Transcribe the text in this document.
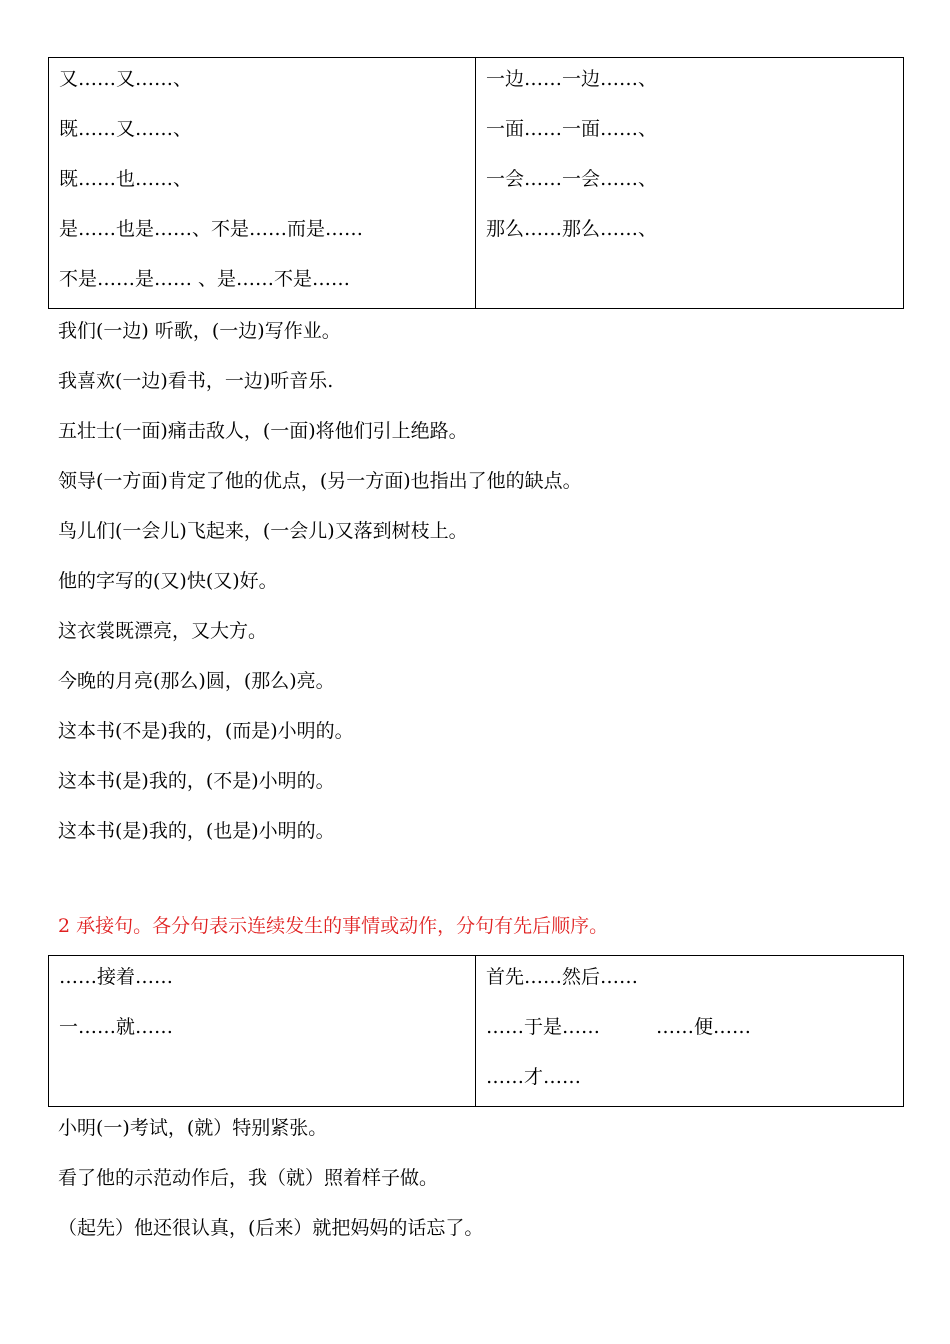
又……又……、
既……又……、
既……也……、
是……也是……、不是……而是……
不是……是…… 、是……不是……

一边……一边……、
一面……一面……、
一会……一会……、
那么……那么……、
我们(一边) 听歌，(一边)写作业。
我喜欢(一边)看书，一边)听音乐.
五壮士(一面)痛击敌人，(一面)将他们引上绝路。
领导(一方面)肯定了他的优点，(另一方面)也指出了他的缺点。
鸟儿们(一会儿)飞起来，(一会儿)又落到树枝上。
他的字写的(又)快(又)好。
这衣裳既漂亮，又大方。
今晚的月亮(那么)圆，(那么)亮。
这本书(不是)我的，(而是)小明的。
这本书(是)我的，(不是)小明的。
这本书(是)我的，(也是)小明的。
2 承接句。各分句表示连续发生的事情或动作，分句有先后顺序。
……接着……
一……就……

首先……然后……
……于是……	……便……
……才……
小明(一)考试，(就）特别紧张。
看了他的示范动作后，我（就）照着样子做。
（起先）他还很认真，(后来）就把妈妈的话忘了。
